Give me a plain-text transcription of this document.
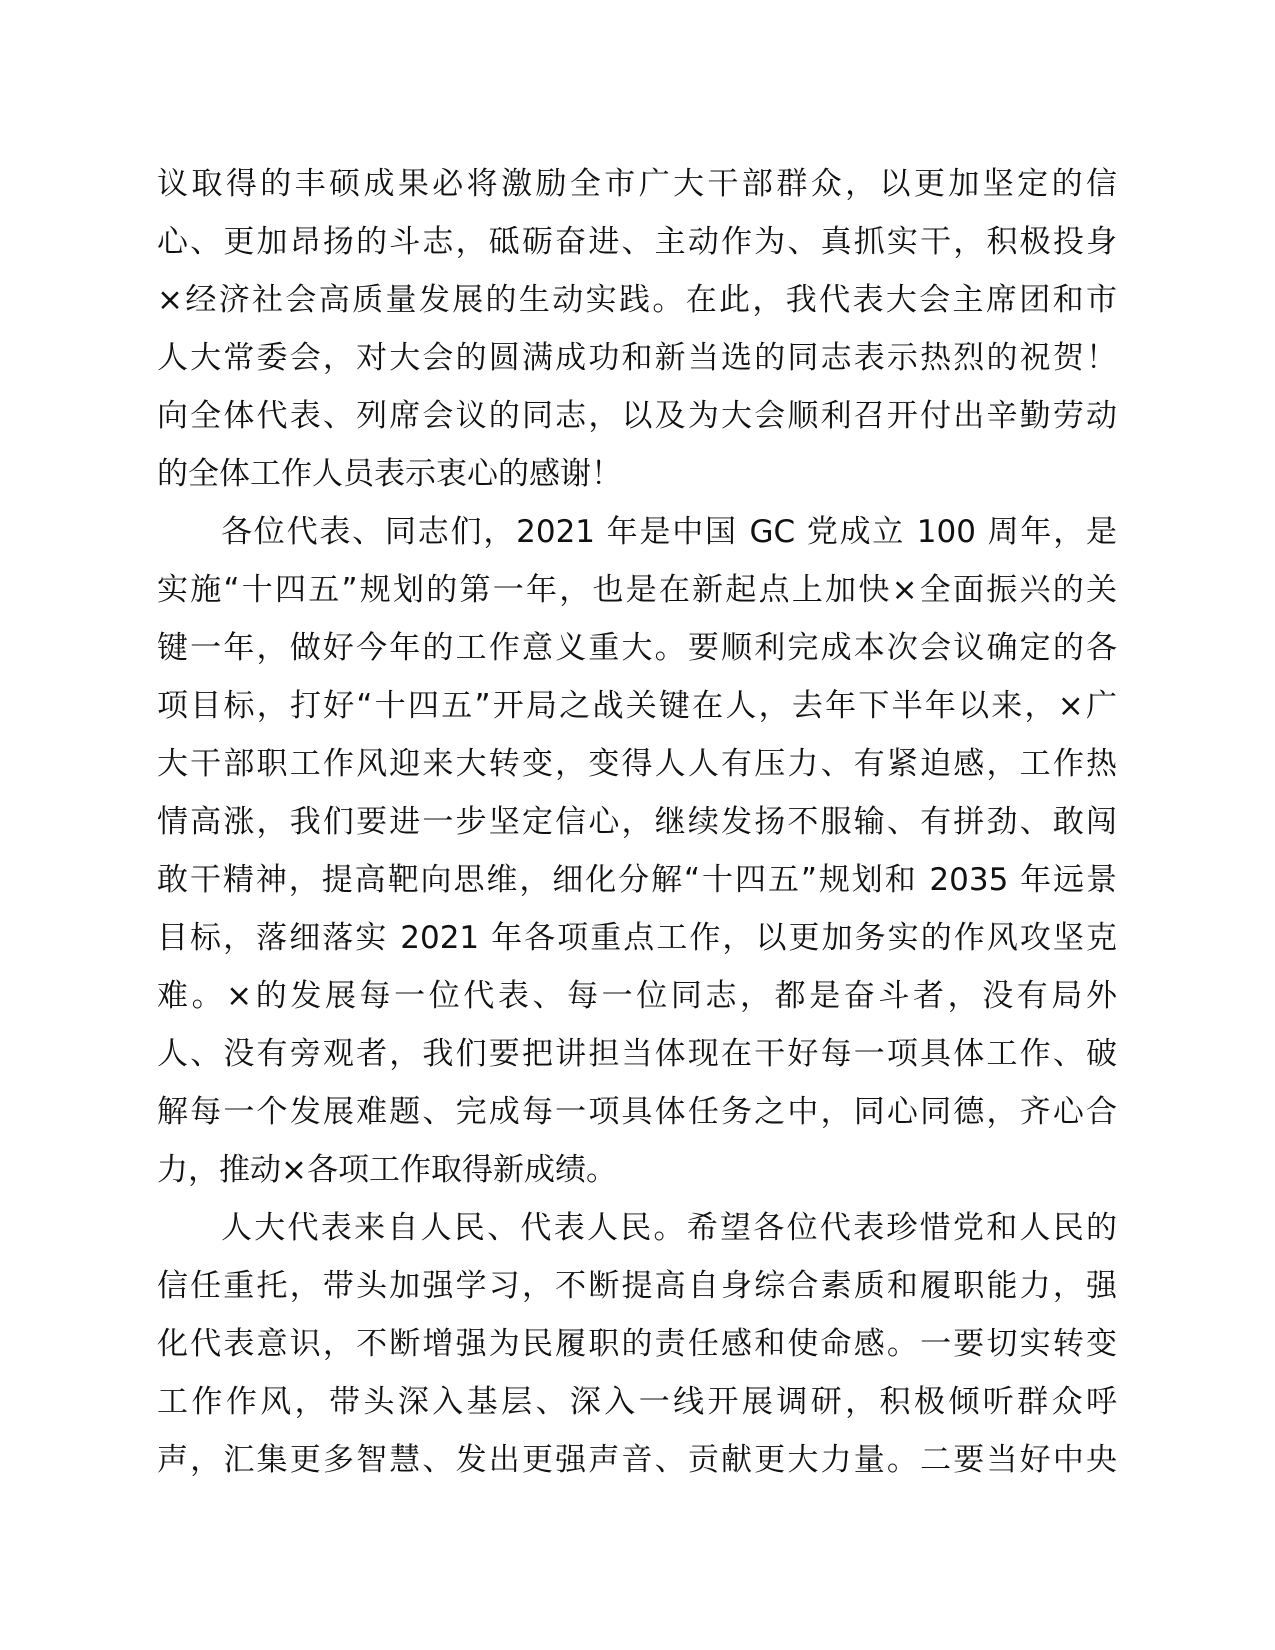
议取得的丰硕成果必将激励全市广大干部群众，以更加坚定的信
心、更加昂扬的斗志，砥砺奋进、主动作为、真抓实干，积极投身
×经济社会高质量发展的生动实践。在此，我代表大会主席团和市
人大常委会，对大会的圆满成功和新当选的同志表示热烈的祝贺！
向全体代表、列席会议的同志，以及为大会顺利召开付出辛勤劳动
的全体工作人员表示衷心的感谢！
各位代表、同志们，2021 年是中国 GC 党成立 100 周年，是
实施“十四五”规划的第一年，也是在新起点上加快×全面振兴的关
键一年，做好今年的工作意义重大。要顺利完成本次会议确定的各
项目标，打好“十四五”开局之战关键在人，去年下半年以来，×广
大干部职工作风迎来大转变，变得人人有压力、有紧迫感，工作热
情高涨，我们要进一步坚定信心，继续发扬不服输、有拼劲、敢闯
敢干精神，提高靶向思维，细化分解“十四五”规划和 2035 年远景
目标，落细落实 2021 年各项重点工作，以更加务实的作风攻坚克
难。×的发展每一位代表、每一位同志，都是奋斗者，没有局外
人、没有旁观者，我们要把讲担当体现在干好每一项具体工作、破
解每一个发展难题、完成每一项具体任务之中，同心同德，齐心合
力，推动×各项工作取得新成绩。
人大代表来自人民、代表人民。希望各位代表珍惜党和人民的
信任重托，带头加强学习，不断提高自身综合素质和履职能力，强
化代表意识，不断增强为民履职的责任感和使命感。一要切实转变
工作作风，带头深入基层、深入一线开展调研，积极倾听群众呼
声，汇集更多智慧、发出更强声音、贡献更大力量。二要当好中央
